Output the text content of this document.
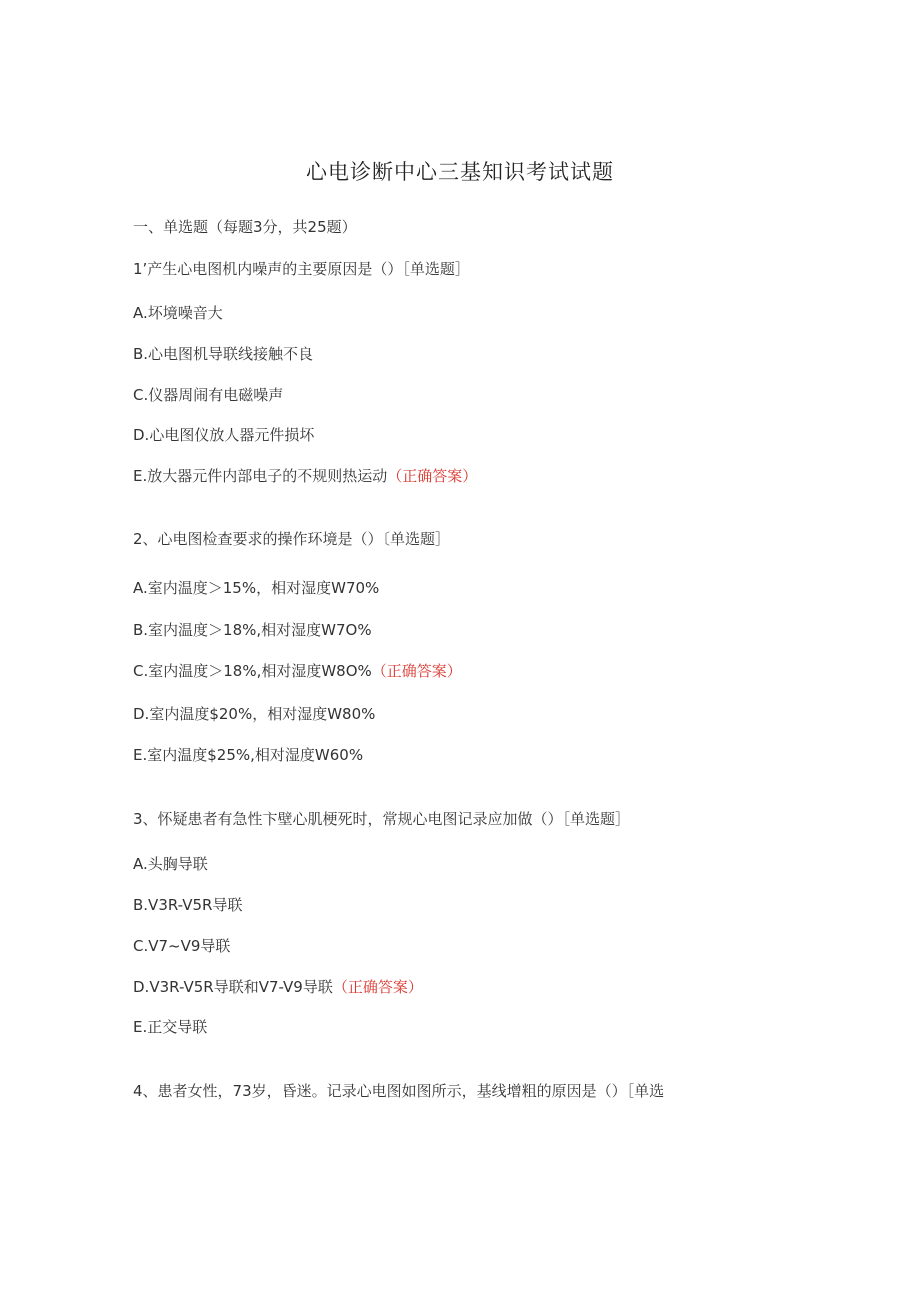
心电诊断中心三基知识考试试题
一、单选题（每题3分，共25题）
1’产生心电图机内噪声的主要原因是（）［单选题］
A.坏境噪音大
B.心电图机导联线接触不良
C.仪器周闹有电磁噪声
D.心电图仪放人器元件损坏
E.放大器元件内部电子的不规则热运动（正确答案）
2、心电图检查要求的操作环境是（）〔单选题］
A.室内温度＞15%，相对湿度W70%
B.室内温度＞18%,相对湿度W7O%
C.室内温度＞18%,相对湿度W8O%（正确答案）
D.室内温度$20%，相对湿度W80%
E.室内温度$25%,相对湿度W60%
3、怀疑患者有急性卞壁心肌梗死时，常规心电图记录应加做（）［单选题］
A.头胸导联
B.V3R-V5R导联
C.V7~V9导联
D.V3R-V5R导联和V7-V9导联（正确答案）
E.正交导联
4、患者女性，73岁，昏迷。记录心电图如图所示，基线增粗的原因是（）［单选
